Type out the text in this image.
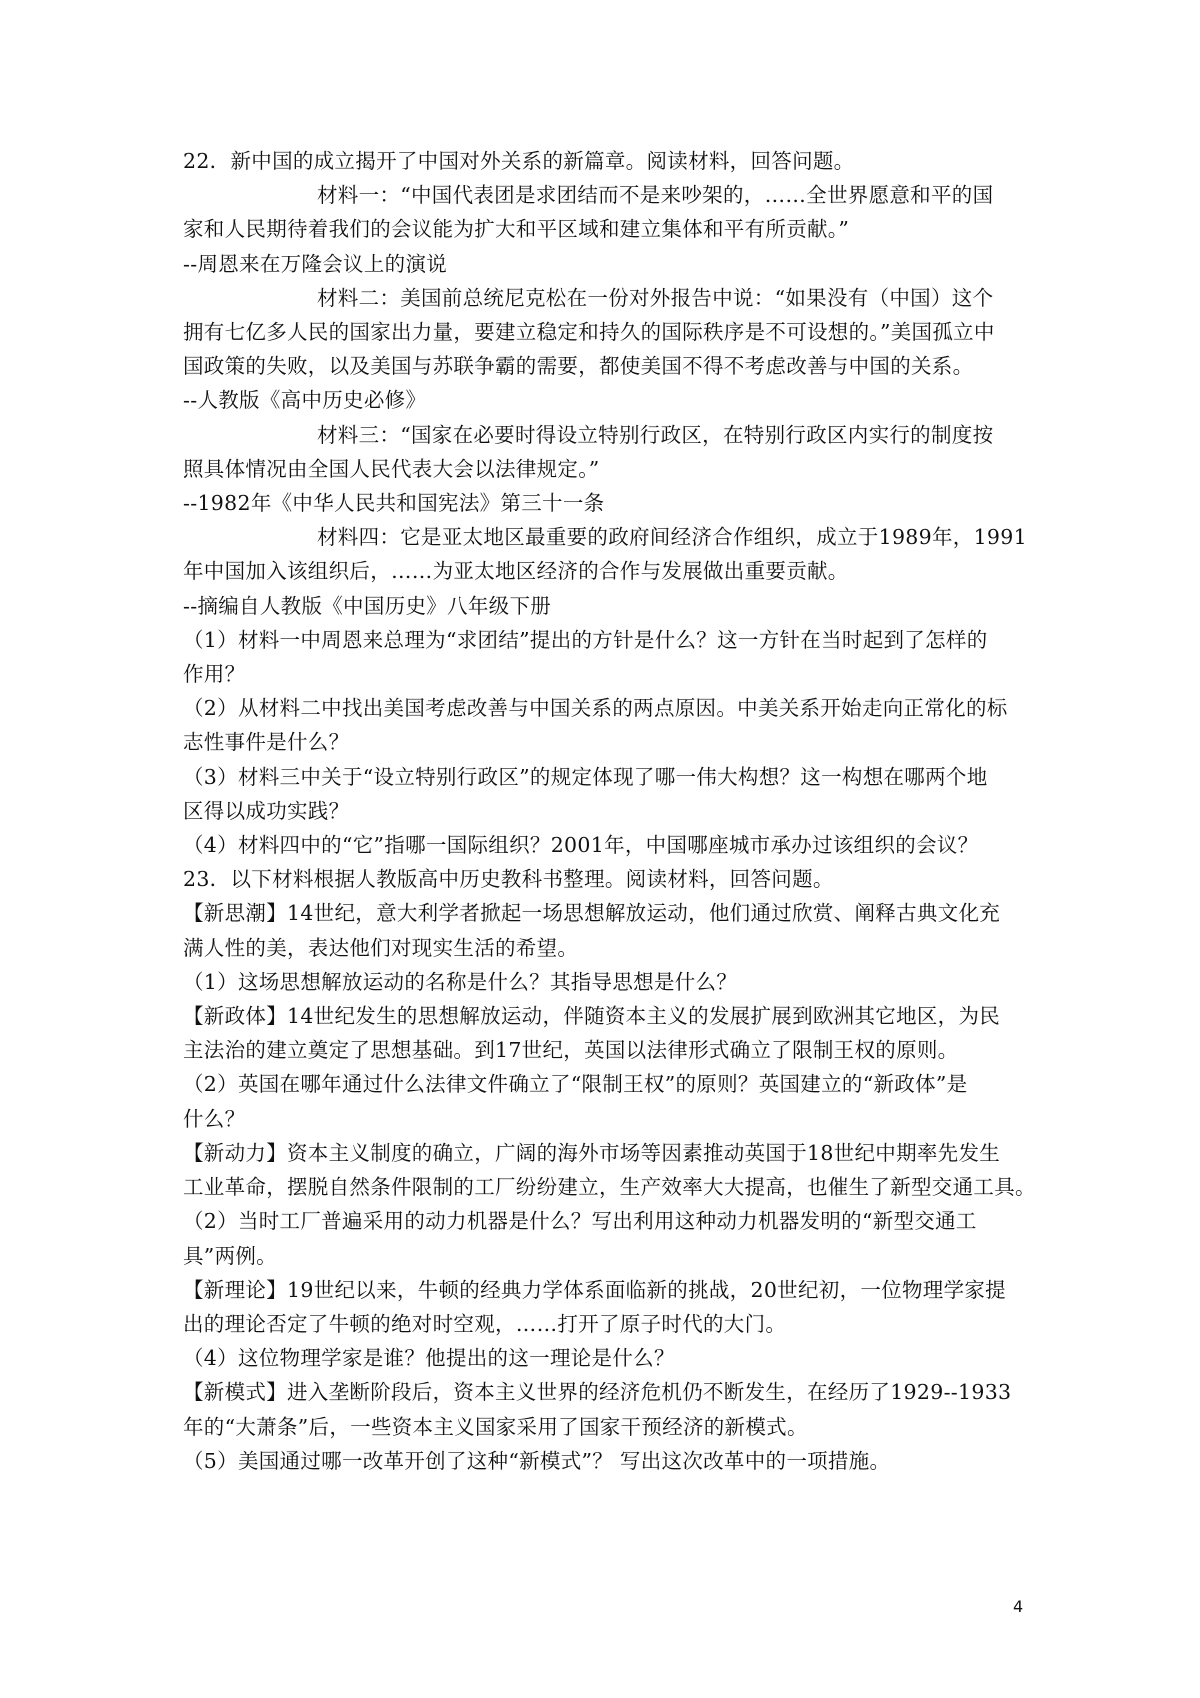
22．新中国的成立揭开了中国对外关系的新篇章。阅读材料，回答问题。
材料一：“中国代表团是求团结而不是来吵架的，……全世界愿意和平的国
家和人民期待着我们的会议能为扩大和平区域和建立集体和平有所贡献。”
--周恩来在万隆会议上的演说
材料二：美国前总统尼克松在一份对外报告中说：“如果没有（中国）这个
拥有七亿多人民的国家出力量，要建立稳定和持久的国际秩序是不可设想的。”美国孤立中
国政策的失败，以及美国与苏联争霸的需要，都使美国不得不考虑改善与中国的关系。
--人教版《高中历史必修》
材料三：“国家在必要时得设立特别行政区，在特别行政区内实行的制度按
照具体情况由全国人民代表大会以法律规定。”
--1982年《中华人民共和国宪法》第三十一条
材料四：它是亚太地区最重要的政府间经济合作组织，成立于1989年，1991
年中国加入该组织后，……为亚太地区经济的合作与发展做出重要贡献。
--摘编自人教版《中国历史》八年级下册
（1）材料一中周恩来总理为“求团结”提出的方针是什么？这一方针在当时起到了怎样的
作用？
（2）从材料二中找出美国考虑改善与中国关系的两点原因。中美关系开始走向正常化的标
志性事件是什么？
（3）材料三中关于“设立特别行政区”的规定体现了哪一伟大构想？这一构想在哪两个地
区得以成功实践？
（4）材料四中的“它”指哪一国际组织？2001年，中国哪座城市承办过该组织的会议？
23．以下材料根据人教版高中历史教科书整理。阅读材料，回答问题。
【新思潮】14世纪，意大利学者掀起一场思想解放运动，他们通过欣赏、阐释古典文化充
满人性的美，表达他们对现实生活的希望。
（1）这场思想解放运动的名称是什么？其指导思想是什么？
【新政体】14世纪发生的思想解放运动，伴随资本主义的发展扩展到欧洲其它地区，为民
主法治的建立奠定了思想基础。到17世纪，英国以法律形式确立了限制王权的原则。
（2）英国在哪年通过什么法律文件确立了“限制王权”的原则？英国建立的“新政体”是
什么？
【新动力】资本主义制度的确立，广阔的海外市场等因素推动英国于18世纪中期率先发生
工业革命，摆脱自然条件限制的工厂纷纷建立，生产效率大大提高，也催生了新型交通工具。
（2）当时工厂普遍采用的动力机器是什么？写出利用这种动力机器发明的“新型交通工
具”两例。
【新理论】19世纪以来，牛顿的经典力学体系面临新的挑战，20世纪初，一位物理学家提
出的理论否定了牛顿的绝对时空观，……打开了原子时代的大门。
（4）这位物理学家是谁？他提出的这一理论是什么？
【新模式】进入垄断阶段后，资本主义世界的经济危机仍不断发生，在经历了1929--1933
年的“大萧条”后，一些资本主义国家采用了国家干预经济的新模式。
（5）美国通过哪一改革开创了这种“新模式”？ 写出这次改革中的一项措施。
4
